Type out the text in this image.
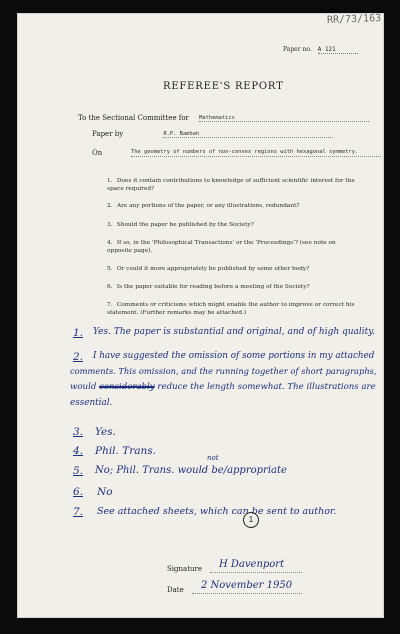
RR/73/163
Paper no. A 121
REFEREE'S REPORT
To the Sectional Committee for Mathematics
Paper by	R.P. Bambah
On	The geometry of numbers of non-convex regions with hexagonal symmetry.
1. Does it contain contributions to knowledge of sufficient scientific interest for the space required?
2. Are any portions of the paper, or any illustrations, redundant?
3. Should the paper be published by the Society?
4. If so, in the 'Philosophical Transactions' or the 'Proceedings'? (see note on opposite page).
5. Or could it more appropriately be published by some other body?
6. Is the paper suitable for reading before a meeting of the Society?
7. Comments or criticisms which might enable the author to improve or correct his statement. (Further remarks may be attached.)
1. Yes. The paper is substantial and original, and of high quality.
2. I have suggested the omission of some portions in my attached
comments. This omission, and the running together of short paragraphs,
would considerably reduce the length somewhat. The illustrations are
essential.
3. Yes.
4. Phil. Trans.
not
5. No; Phil. Trans. would be/appropriate
6. No
7. See attached sheets, which can be sent to author.
1
Signature	H Davenport
Date	2 November 1950
